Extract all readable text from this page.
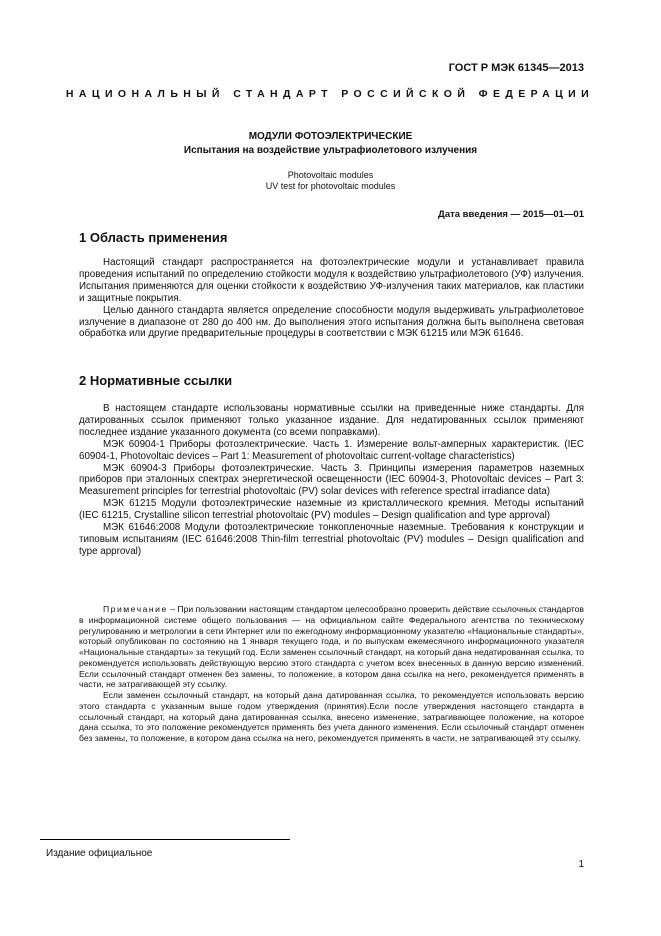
ГОСТ Р МЭК 61345—2013
НАЦИОНАЛЬНЫЙ СТАНДАРТ РОССИЙСКОЙ ФЕДЕРАЦИИ
МОДУЛИ ФОТОЭЛЕКТРИЧЕСКИЕ
Испытания на воздействие ультрафиолетового излучения
Photovoltaic modules
UV test for photovoltaic modules
Дата введения — 2015—01—01
1 Область применения

Настоящий стандарт распространяется на фотоэлектрические модули и устанавливает правила проведения испытаний по определению стойкости модуля к воздействию ультрафиолетового (УФ) излучения. Испытания применяются для оценки стойкости к воздействию УФ-излучения таких материалов, как пластики и защитные покрытия.

Целью данного стандарта является определение способности модуля выдерживать ультрафиолетовое излучение в диапазоне от 280 до 400 нм. До выполнения этого испытания должна быть выполнена световая обработка или другие предварительные процедуры в соответствии с МЭК 61215 или МЭК 61646.

2 Нормативные ссылки

В настоящем стандарте использованы нормативные ссылки на приведенные ниже стандарты. Для датированных ссылок применяют только указанное издание. Для недатированных ссылок применяют последнее издание указанного документа (со всеми поправками).

МЭК 60904-1 Приборы фотоэлектрические. Часть 1. Измерение вольт-амперных характеристик. (IEC 60904-1, Photovoltaic devices – Part 1: Measurement of photovoltaic current-voltage characteristics)

МЭК 60904-3 Приборы фотоэлектрические. Часть 3. Принципы измерения параметров наземных приборов при эталонных спектрах энергетической освещенности (IEC 60904-3, Photovoltaic devices – Part 3: Measurement principles for terrestrial photovoltaic (PV) solar devices with reference spectral irradiance data)

МЭК 61215 Модули фотоэлектрические наземные из кристаллического кремния. Методы испытаний (IEC 61215, Crystalline silicon terrestrial photovoltaic (PV) modules – Design qualification and type approval)

МЭК 61646:2008 Модули фотоэлектрические тонкопленочные наземные. Требования к конструкции и типовым испытаниям (IEC 61646:2008 Thin-film terrestrial photovoltaic (PV) modules – Design qualification and type approval)

Примечание – При пользовании настоящим стандартом целесообразно проверить действие ссылочных стандартов в информационной системе общего пользования — на официальном сайте Федерального агентства по техническому регулированию и метрологии в сети Интернет или по ежегодному информационному указателю «Национальные стандарты», который опубликован по состоянию на 1 января текущего года, и по выпускам ежемесячного информационного указателя «Национальные стандарты» за текущий год. Если заменен ссылочный стандарт, на который дана недатированная ссылка, то рекомендуется использовать действующую версию этого стандарта с учетом всех внесенных в данную версию изменений. Если ссылочный стандарт отменен без замены, то положение, в котором дана ссылка на него, рекомендуется применять в части, не затрагивающей эту ссылку.

Если заменен ссылочный стандарт, на который дана датированная ссылка, то рекомендуется использовать версию этого стандарта с указанным выше годом утверждения (принятия).Если после утверждения настоящего стандарта в ссылочный стандарт, на который дана датированная ссылка, внесено изменение, затрагивающее положение, на которое дана ссылка, то это положение рекомендуется применять без учета данного изменения. Если ссылочный стандарт отменен без замены, то положение, в котором дана ссылка на него, рекомендуется применять в части, не затрагивающей эту ссылку.

Издание официальное
1
